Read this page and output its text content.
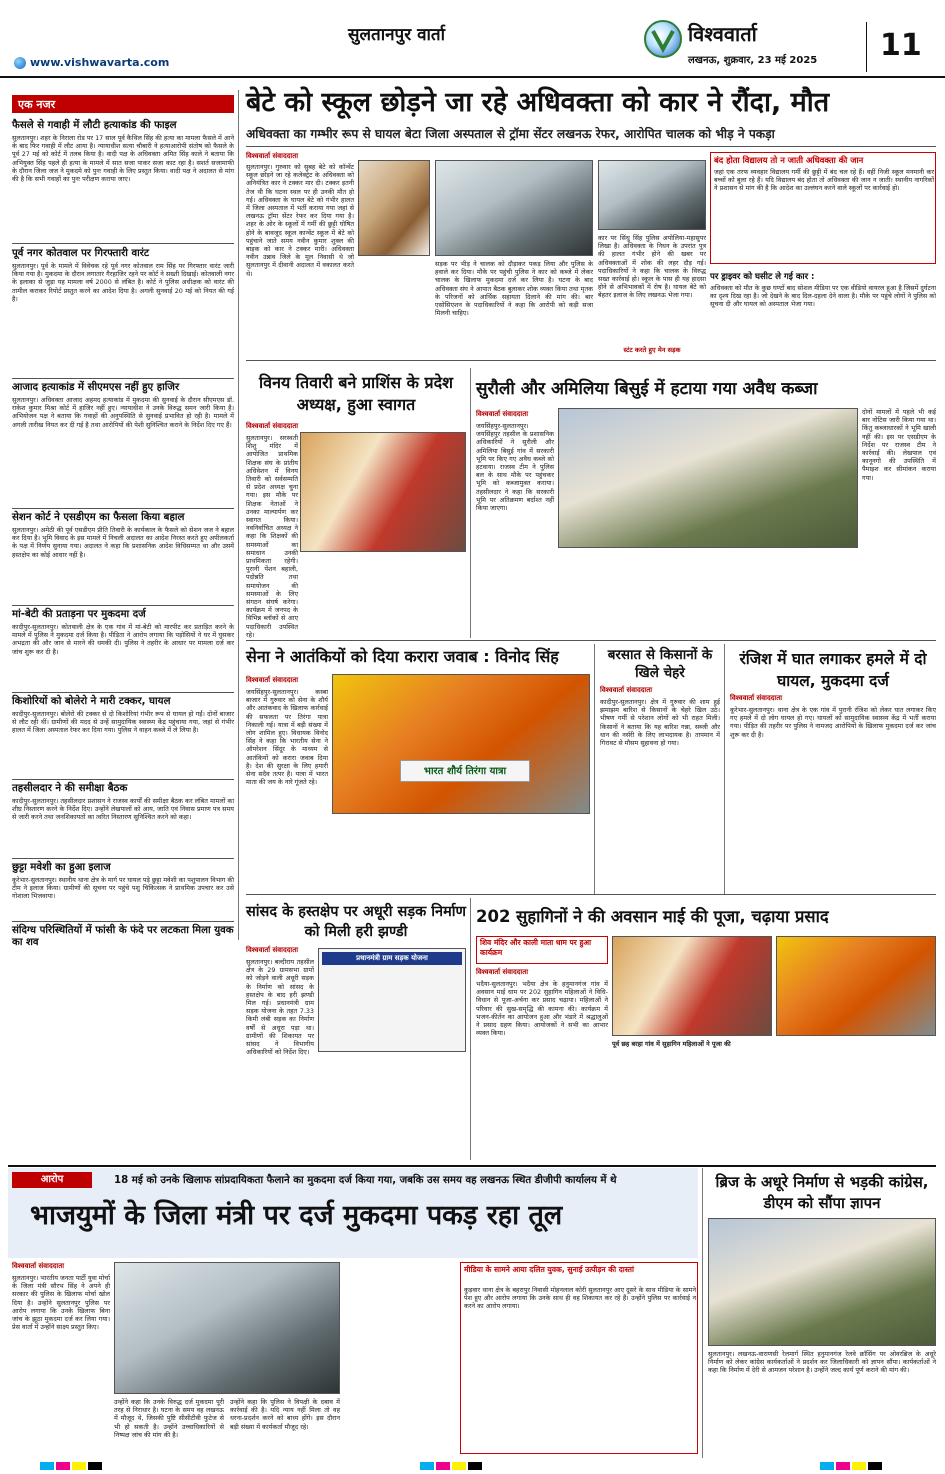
सुलतानपुर वार्ता
www.vishwavarta.com
विश्ववार्ता
लखनऊ, शुक्रवार, 23 मई 2025 11
एक नजर
फैसले से गवाही में लौटी हत्याकांड की फाइल
सुलतानपुर। शहर के निराला रोड पर 17 साल पूर्व कैथिल सिंह की हत्या का मामला फैसले में आने के बाद फिर गवाही में लौट आया है। न्यायाधीश सत्या चौबारी ने हत्याआरोपी संतोष को फैसले के पूर्व 27 मई को कोर्ट में तलब किया है। वादी पक्ष के अधिवक्ता अमित सिंह काले ने बताया कि अभियुक्त सिंह पहले ही हत्या के मामले में सात सजा पाकर सजा काट रहा है। सशर्त सजामाफी के दौरान जिला जज ने मुकदमे को पुनः गवाही के लिए प्रस्तुत किया। वादी पक्ष ने अदालत से मांग की है कि सभी गवाहों का पुनः परीक्षण कराया जाए।
पूर्व नगर कोतवाल पर गिरफ्तारी वारंट
सुलतानपुर। पूर्व के मामले में विवेचक रहे पूर्व नगर कोतवाल राम सिंह पर गिरफ्तार वारंट जारी किया गया है। मुकदमा के दौरान लगातार गैरहाजिर रहने पर कोर्ट ने सख्ती दिखाई। कोतवाली नगर के इलाका से जुड़ा यह मामला वर्ष 2000 से लंबित है। कोर्ट ने पुलिस अधीक्षक को वारंट की तामील कराकर रिपोर्ट प्रस्तुत करने का आदेश दिया है। अगली सुनवाई 20 मई को नियत की गई है।
आजाद हत्याकांड में सीएमएस नहीं हुए हाजिर
सुलतानपुर। अधिवक्ता आजाद अहमद हत्याकांड में मुकदमा की सुनवाई के दौरान सीएमएस डॉ. राकेश कुमार मिश्रा कोर्ट में हाजिर नहीं हुए। न्यायाधीश ने उनके विरुद्ध समन जारी किया है। अभियोजन पक्ष ने बताया कि गवाहों की अनुपस्थिति से सुनवाई प्रभावित हो रही है। मामले में अगली तारीख नियत कर दी गई है तथा आरोपियों की पेशी सुनिश्चित कराने के निर्देश दिए गए हैं।
सेशन कोर्ट ने एसडीएम का फैसला किया बहाल
सुलतानपुर। अमेठी की पूर्व एसडीएम प्रीति तिवारी के कार्यकाल के फैसले को सेशन जज ने बहाल कर दिया है। भूमि विवाद के इस मामले में निचली अदालत का आदेश निरस्त करते हुए अपीलकर्ता के पक्ष में निर्णय सुनाया गया। अदालत ने कहा कि प्रशासनिक आदेश विधिसम्मत था और उसमें हस्तक्षेप का कोई आधार नहीं है।
मां-बेटी की प्रताड़ना पर मुकदमा दर्ज
कादीपुर-सुलतानपुर। कोतवाली क्षेत्र के एक गांव में मां-बेटी को मारपीट कर प्रताड़ित करने के मामले में पुलिस ने मुकदमा दर्ज किया है। पीड़िता ने आरोप लगाया कि पड़ोसियों ने घर में घुसकर अभद्रता की और जान से मारने की धमकी दी। पुलिस ने तहरीर के आधार पर मामला दर्ज कर जांच शुरू कर दी है।
किशोरियों को बोलेरो ने मारी टक्कर, घायल
कादीपुर-सुलतानपुर। बोलेरो की टक्कर से दो किशोरियां गंभीर रूप से घायल हो गईं। दोनों बाजार से लौट रही थीं। ग्रामीणों की मदद से उन्हें सामुदायिक स्वास्थ्य केंद्र पहुंचाया गया, जहां से गंभीर हालत में जिला अस्पताल रेफर कर दिया गया। पुलिस ने वाहन कब्जे में ले लिया है।
तहसीलदार ने की समीक्षा बैठक
कादीपुर-सुलतानपुर। तहसीलदार प्रशासन ने राजस्व कार्यों की समीक्षा बैठक कर लंबित मामलों का शीघ्र निस्तारण करने के निर्देश दिए। उन्होंने लेखपालों को आय, जाति एवं निवास प्रमाण पत्र समय से जारी करने तथा जनशिकायतों का त्वरित निस्तारण सुनिश्चित करने को कहा।
छुट्टा मवेशी का हुआ इलाज
कूरेभार-सुलतानपुर। स्थानीय थाना क्षेत्र के मार्ग पर घायल पड़े छुट्टा मवेशी का पशुपालन विभाग की टीम ने इलाज किया। ग्रामीणों की सूचना पर पहुंचे पशु चिकित्सक ने प्राथमिक उपचार कर उसे गोशाला भिजवाया।
संदिग्ध परिस्थितियों में फांसी के फंदे पर लटकता मिला युवक का शव
बेटे को स्कूल छोड़ने जा रहे अधिवक्ता को कार ने रौंदा, मौत
अधिवक्ता का गम्भीर रूप से घायल बेटा जिला अस्पताल से ट्रॉमा सेंटर लखनऊ रेफर, आरोपित चालक को भीड़ ने पकड़ा
विश्ववार्ता संवाददाता
सुलतानपुर। गुरुवार को सुबह बेटे को कॉन्वेंट स्कूल छोड़ने जा रहे कलेक्ट्रेट के अधिवक्ता को अनियंत्रित कार ने टक्कर मार दी। टक्कर इतनी तेज थी कि घटना स्थल पर ही उनकी मौत हो गई। अधिवक्ता के घायल बेटे को गंभीर हालत में जिला अस्पताल में भर्ती कराया गया जहां से लखनऊ ट्रॉमा सेंटर रेफर कर दिया गया है। शहर के ओर के स्कूलों में गर्मी की छुट्टी घोषित होने के बावजूद स्कूल कान्वेंट स्कूल में बेटे को पहुंचाने जाते समय नवीन कुमार शुक्ल की बाइक को कार ने टक्कर मारी। अधिवक्ता नवीन उन्नाव जिले के मूल निवासी थे जो सुलतानपुर में दीवानी अदालत में वकालत करते थे।
सड़क पर भीड़ ने चालक को दौड़ाकर पकड़ लिया और पुलिस के हवाले कर दिया। मौके पर पहुंची पुलिस ने कार को कब्जे में लेकर चालक के खिलाफ मुकदमा दर्ज कर लिया है। घटना के बाद अधिवक्ता संघ ने आपात बैठक बुलाकर शोक व्यक्त किया तथा मृतक के परिजनों को आर्थिक सहायता दिलाने की मांग की। बार एसोसिएशन के पदाधिकारियों ने कहा कि आरोपी को कड़ी सजा मिलनी चाहिए।
कार पर सिंधु सिंह पुलिस अपोलिया-महासुपर लिखा है। अधिवक्ता के निधन के उपरांत पुत्र की हालत गंभीर होने की खबर पर अधिवक्ताओं में शोक की लहर दौड़ गई। पदाधिकारियों ने कहा कि चालक के विरुद्ध सख्त कार्रवाई हो। स्कूल के पास ही यह हादसा होने से अभिभावकों में रोष है। घायल बेटे को बेहतर इलाज के लिए लखनऊ भेजा गया।
स्टंट करते हुए मेन सड़क
बंद होता विद्यालय तो न जाती अधिवक्ता की जान
जहां एक तरफ व्यवहार विद्यालय गर्मी की छुट्टी में बंद चल रहे हैं। वहीं निजी स्कूल मनमानी कर बच्चों को बुला रहे हैं। यदि विद्यालय बंद होता तो अधिवक्ता की जान न जाती। स्थानीय नागरिकों ने प्रशासन से मांग की है कि आदेश का उल्लंघन करने वाले स्कूलों पर कार्रवाई हो।
पर ड्राइवर को घसीट ले गई कार :
अधिवक्ता को मौत के कुछ घण्टों बाद सोशल मीडिया पर एक वीडियो वायरल हुआ है जिसमें दुर्घटना का दृश्य दिख रहा है। जो देखने के बाद दिल-दहला देने वाला है। मौके पर पहुंचे लोगों ने पुलिस को सूचना दी और घायल को अस्पताल भेजा गया।
विनय तिवारी बने प्राशिंस के प्रदेश अध्यक्ष, हुआ स्वागत
विश्ववार्ता संवाददाता
सुलतानपुर। सरस्वती शिशु मंदिर में आयोजित प्राथमिक शिक्षक संघ के प्रांतीय अधिवेशन में विनय तिवारी को सर्वसम्मति से प्रदेश अध्यक्ष चुना गया। इस मौके पर शिक्षक नेताओं ने उनका माल्यार्पण कर स्वागत किया। नवनिर्वाचित अध्यक्ष ने कहा कि शिक्षकों की समस्याओं का समाधान उनकी प्राथमिकता रहेगी। पुरानी पेंशन बहाली, पदोन्नति तथा समायोजन की समस्याओं के लिए संगठन संघर्ष करेगा। कार्यक्रम में जनपद के विभिन्न ब्लॉकों से आए पदाधिकारी उपस्थित रहे।
सुरौली और अमिलिया बिसुई में हटाया गया अवैध कब्जा
विश्ववार्ता संवाददाता
जयसिंहपुर-सुलतानपुर। जयसिंहपुर तहसील के प्रशासनिक अधिकारियों ने सुरौली और अमिलिया बिसुई गांव में सरकारी भूमि पर किए गए अवैध कब्जे को हटवाया। राजस्व टीम ने पुलिस बल के साथ मौके पर पहुंचकर भूमि को कब्जामुक्त कराया। तहसीलदार ने कहा कि सरकारी भूमि पर अतिक्रमण बर्दाश्त नहीं किया जाएगा।
दोनों मामलों में पहले भी कई बार नोटिस जारी किया गया था। किंतु कब्जाधारकों ने भूमि खाली नहीं की। इस पर एसडीएम के निर्देश पर राजस्व टीम ने कार्रवाई की। लेखपाल एवं कानूनगो की उपस्थिति में पैमाइश कर सीमांकन कराया गया।
सेना ने आतंकियों को दिया करारा जवाब : विनोद सिंह
विश्ववार्ता संवाददाता
जयसिंहपुर-सुलतानपुर। कस्बा बाजार में गुरुवार को सेना के शौर्य और आतंकवाद के खिलाफ कार्रवाई की सफलता पर तिरंगा यात्रा निकाली गई। यात्रा में बड़ी संख्या में लोग शामिल हुए। विधायक विनोद सिंह ने कहा कि भारतीय सेना ने ऑपरेशन सिंदूर के माध्यम से आतंकियों को करारा जवाब दिया है। देश की सुरक्षा के लिए हमारी सेना सदैव तत्पर है। यात्रा में भारत माता की जय के नारे गूंजते रहे।
भारत शौर्य तिरंगा यात्रा
बरसात से किसानों के खिले चेहरे
विश्ववार्ता संवाददाता
कादीपुर-सुलतानपुर। क्षेत्र में गुरुवार की शाम हुई झमाझम बारिश से किसानों के चेहरे खिल उठे। भीषण गर्मी से परेशान लोगों को भी राहत मिली। किसानों ने बताया कि यह बारिश गन्ना, सब्जी और धान की नर्सरी के लिए लाभदायक है। तापमान में गिरावट से मौसम सुहावना हो गया।
रंजिश में घात लगाकर हमले में दो घायल, मुकदमा दर्ज
विश्ववार्ता संवाददाता
कूरेभार-सुलतानपुर। थाना क्षेत्र के एक गांव में पुरानी रंजिश को लेकर घात लगाकर किए गए हमले में दो लोग घायल हो गए। घायलों को सामुदायिक स्वास्थ्य केंद्र में भर्ती कराया गया। पीड़ित की तहरीर पर पुलिस ने नामजद आरोपियों के खिलाफ मुकदमा दर्ज कर जांच शुरू कर दी है।
सांसद के हस्तक्षेप पर अधूरी सड़क निर्माण को मिली हरी झण्डी
विश्ववार्ता संवाददाता
सुलतानपुर। बल्दीराय तहसील क्षेत्र के 29 ग्रामसभा ग्रामों को जोड़ने वाली अधूरी सड़क के निर्माण को सांसद के हस्तक्षेप के बाद हरी झण्डी मिल गई। प्रधानमंत्री ग्राम सड़क योजना के तहत 7.33 किमी लंबी सड़क का निर्माण वर्षों से अधूरा पड़ा था। ग्रामीणों की शिकायत पर सांसद ने विभागीय अधिकारियों को निर्देश दिए।
प्रधानमंत्री ग्राम सड़क योजना
202 सुहागिनों ने की अवसान माई की पूजा, चढ़ाया प्रसाद
शिव मंदिर और काली माता धाम पर हुआ कार्यक्रम
विश्ववार्ता संवाददाता
भदैया-सुलतानपुर। भदैया क्षेत्र के हनुमानगंज गांव में अवसान माई धाम पर 202 सुहागिन महिलाओं ने विधि-विधान से पूजा-अर्चना कर प्रसाद चढ़ाया। महिलाओं ने परिवार की सुख-समृद्धि की कामना की। कार्यक्रम में भजन-कीर्तन का आयोजन हुआ और भंडारे में श्रद्धालुओं ने प्रसाद ग्रहण किया। आयोजकों ने सभी का आभार व्यक्त किया।
पूर्व छह बरहा गांव में सुहागिन महिलाओं ने पूजा की
आरोप	18 मई को उनके खिलाफ सांप्रदायिकता फैलाने का मुकदमा दर्ज किया गया, जबकि उस समय वह लखनऊ स्थित डीजीपी कार्यालय में थे
भाजयुमों के जिला मंत्री पर दर्ज मुकदमा पकड़ रहा तूल
विश्ववार्ता संवाददाता
सुलतानपुर। भारतीय जनता पार्टी युवा मोर्चा के जिला मंत्री सौरभ सिंह ने अपने ही सरकार की पुलिस के खिलाफ मोर्चा खोल दिया है। उन्होंने सुलतानपुर पुलिस पर आरोप लगाया कि उनके खिलाफ बिना जांच के झूठा मुकदमा दर्ज कर लिया गया। प्रेस वार्ता में उन्होंने साक्ष्य प्रस्तुत किए।
उन्होंने कहा कि उनके विरुद्ध दर्ज मुकदमा पूरी तरह से निराधार है। घटना के समय वह लखनऊ में मौजूद थे, जिसकी पुष्टि सीसीटीवी फुटेज से भी हो सकती है। उन्होंने उच्चाधिकारियों से निष्पक्ष जांच की मांग की है।
उन्होंने कहा कि पुलिस ने विपक्षी के दबाव में कार्रवाई की है। यदि न्याय नहीं मिला तो वह धरना-प्रदर्शन करने को बाध्य होंगे। इस दौरान बड़ी संख्या में कार्यकर्ता मौजूद रहे।
मीडिया के सामने आया दलित युवक, सुनाई उत्पीड़न की दास्तां
कुड़वार थाना क्षेत्र के बहरापुर निवासी मोहनलाल कोरी सुलतानपुर आए दूसरे के साथ मीडिया के सामने पेश हुए और आरोप लगाया कि उनके साथ ही वह शिकायत कर रहे हैं। उन्होंने पुलिस पर कार्रवाई न करने का आरोप लगाया।
ब्रिज के अधूरे निर्माण से भड़की कांग्रेस, डीएम को सौंपा ज्ञापन
सुलतानपुर। लखनऊ-वाराणसी रेलमार्ग स्थित हनुमानगंज रेलवे क्रॉसिंग पर ओवरब्रिज के अधूरे निर्माण को लेकर कांग्रेस कार्यकर्ताओं ने प्रदर्शन कर जिलाधिकारी को ज्ञापन सौंपा। कार्यकर्ताओं ने कहा कि निर्माण में देरी से आमजन परेशान है। उन्होंने जल्द कार्य पूर्ण कराने की मांग की।
